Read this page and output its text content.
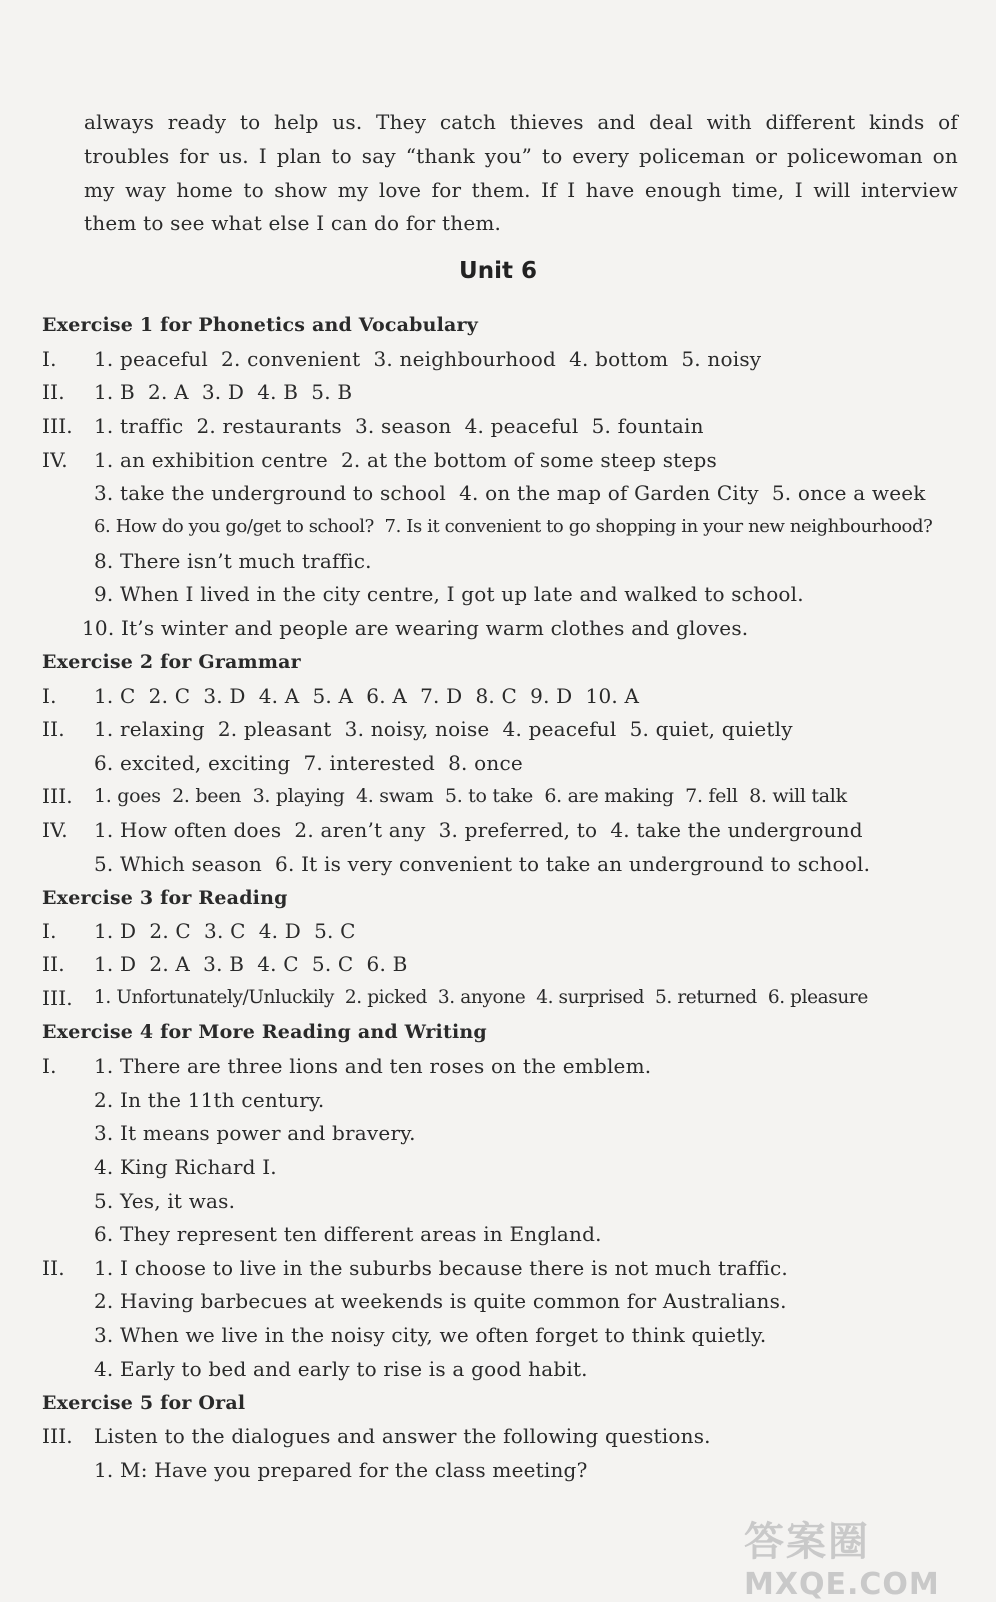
always ready to help us. They catch thieves and deal with different kinds of
troubles for us. I plan to say “thank you” to every policeman or policewoman on
my way home to show my love for them. If I have enough time, I will interview
them to see what else I can do for them.
Unit 6
Exercise 1 for Phonetics and Vocabulary
I. 1. peaceful  2. convenient  3. neighbourhood  4. bottom  5. noisy
II. 1. B  2. A  3. D  4. B  5. B
III. 1. traffic  2. restaurants  3. season  4. peaceful  5. fountain
IV. 1. an exhibition centre  2. at the bottom of some steep steps
3. take the underground to school  4. on the map of Garden City  5. once a week
6. How do you go/get to school?  7. Is it convenient to go shopping in your new neighbourhood?
8. There isn’t much traffic.
9. When I lived in the city centre, I got up late and walked to school.
10. It’s winter and people are wearing warm clothes and gloves.
Exercise 2 for Grammar
I. 1. C  2. C  3. D  4. A  5. A  6. A  7. D  8. C  9. D  10. A
II. 1. relaxing  2. pleasant  3. noisy, noise  4. peaceful  5. quiet, quietly
6. excited, exciting  7. interested  8. once
III. 1. goes  2. been  3. playing  4. swam  5. to take  6. are making  7. fell  8. will talk
IV. 1. How often does  2. aren’t any  3. preferred, to  4. take the underground
5. Which season  6. It is very convenient to take an underground to school.
Exercise 3 for Reading
I. 1. D  2. C  3. C  4. D  5. C
II. 1. D  2. A  3. B  4. C  5. C  6. B
III. 1. Unfortunately/Unluckily  2. picked  3. anyone  4. surprised  5. returned  6. pleasure
Exercise 4 for More Reading and Writing
I. 1. There are three lions and ten roses on the emblem.
2. In the 11th century.
3. It means power and bravery.
4. King Richard I.
5. Yes, it was.
6. They represent ten different areas in England.
II. 1. I choose to live in the suburbs because there is not much traffic.
2. Having barbecues at weekends is quite common for Australians.
3. When we live in the noisy city, we often forget to think quietly.
4. Early to bed and early to rise is a good habit.
Exercise 5 for Oral
III. Listen to the dialogues and answer the following questions.
1. M: Have you prepared for the class meeting?
答案圈
MXQE.COM
